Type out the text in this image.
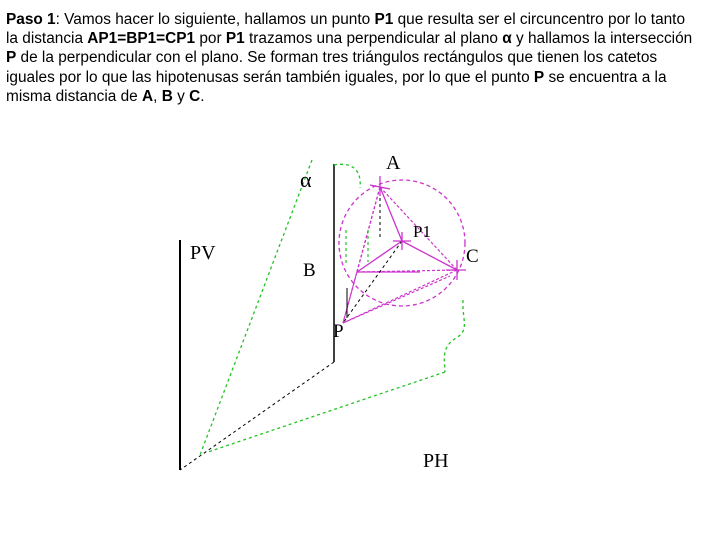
Paso 1: Vamos hacer lo siguiente, hallamos un punto P1 que resulta ser el circuncentro por lo tanto la distancia AP1=BP1=CP1 por P1 trazamos una perpendicular al plano α y hallamos la intersección P de la perpendicular con el plano. Se forman tres triángulos rectángulos que tienen los catetos iguales por lo que las hipotenusas serán también iguales, por lo que el punto P se encuentra a la misma distancia de A, B y C.

α
A
P1
C
PV
B
P
PH
